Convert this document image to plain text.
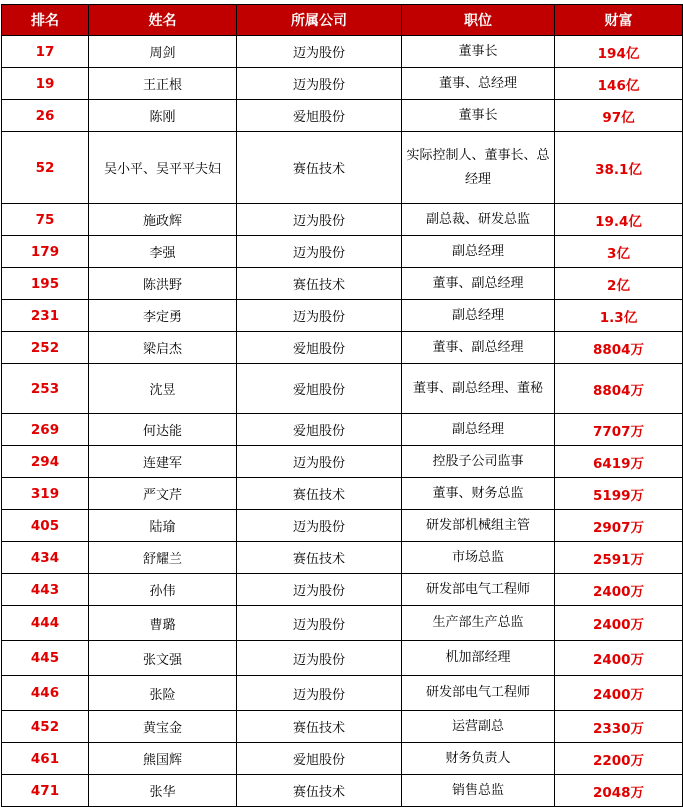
排名	姓名	所属公司	职位	财富
17	周剑	迈为股份	董事长	194亿
19	王正根	迈为股份	董事、总经理	146亿
26	陈刚	爱旭股份	董事长	97亿
52	吴小平、吴平平夫妇	赛伍技术	实际控制人、董事长、总经理	38.1亿
75	施政辉	迈为股份	副总裁、研发总监	19.4亿
179	李强	迈为股份	副总经理	3亿
195	陈洪野	赛伍技术	董事、副总经理	2亿
231	李定勇	迈为股份	副总经理	1.3亿
252	梁启杰	爱旭股份	董事、副总经理	8804万
253	沈昱	爱旭股份	董事、副总经理、董秘	8804万
269	何达能	爱旭股份	副总经理	7707万
294	连建军	迈为股份	控股子公司监事	6419万
319	严文芹	赛伍技术	董事、财务总监	5199万
405	陆瑜	迈为股份	研发部机械组主管	2907万
434	舒耀兰	赛伍技术	市场总监	2591万
443	孙伟	迈为股份	研发部电气工程师	2400万
444	曹璐	迈为股份	生产部生产总监	2400万
445	张文强	迈为股份	机加部经理	2400万
446	张险	迈为股份	研发部电气工程师	2400万
452	黄宝金	赛伍技术	运营副总	2330万
461	熊国辉	爱旭股份	财务负责人	2200万
471	张华	赛伍技术	销售总监	2048万
